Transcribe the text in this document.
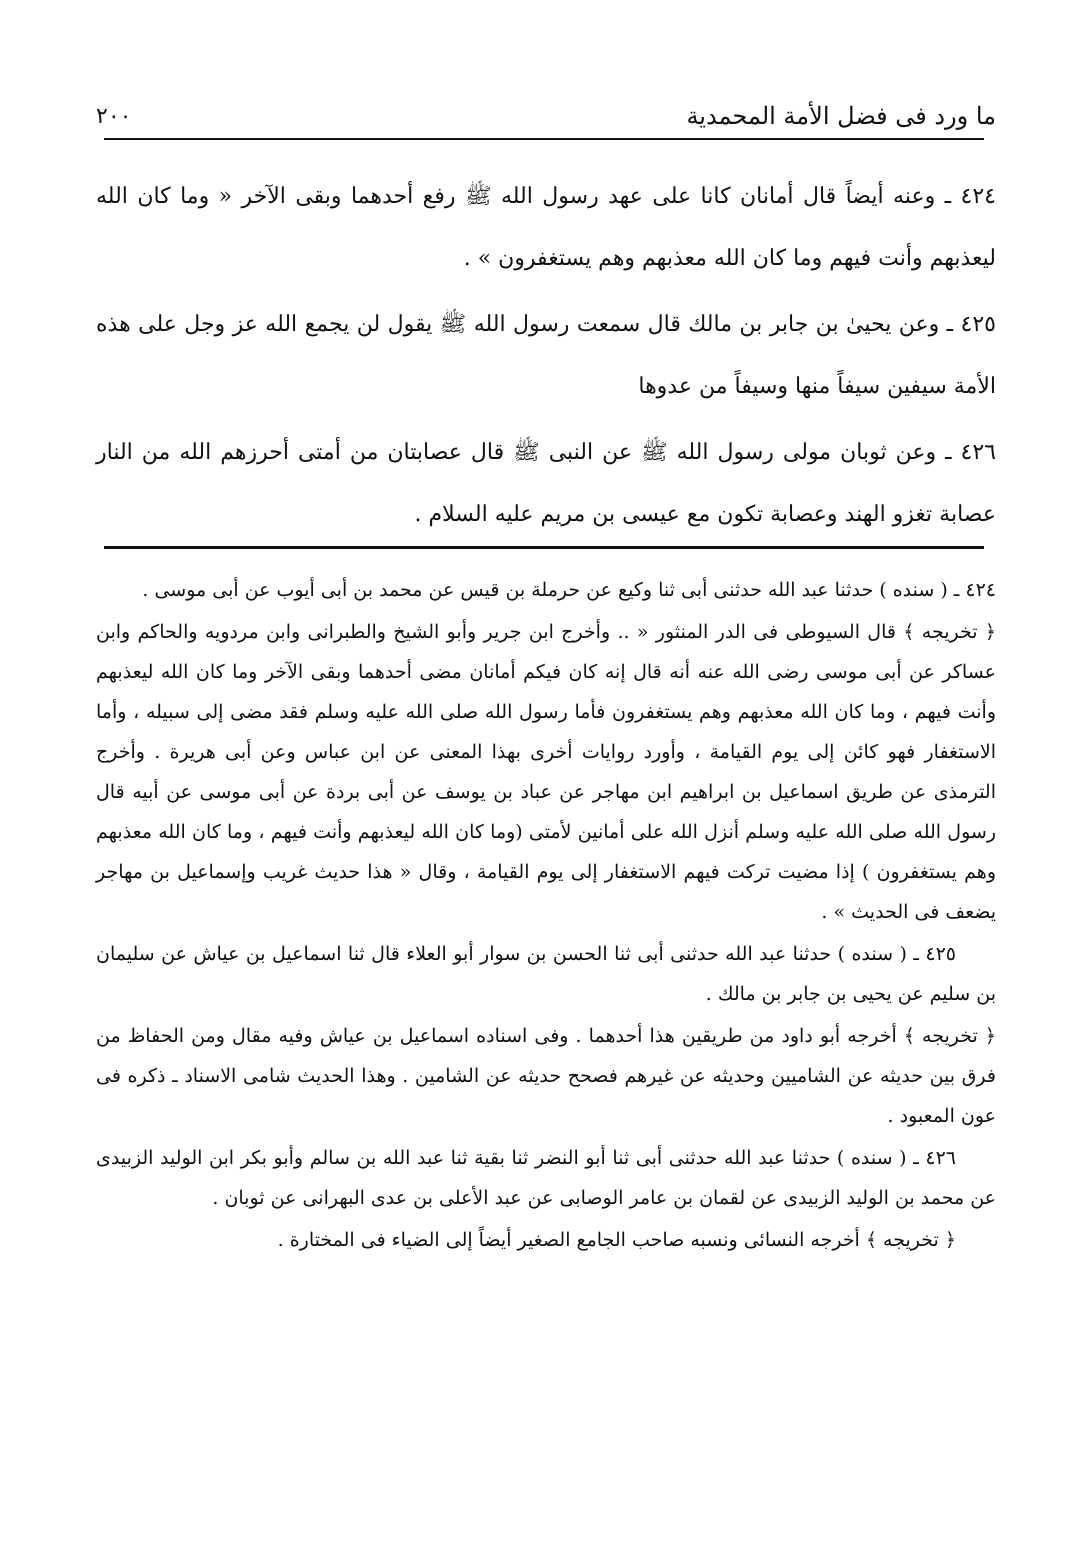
ما ورد فى فضل الأمة المحمدية
٢٠٠

٤٢٤ ـ وعنه أيضاً قال أمانان كانا على عهد رسول الله ﷺ رفع أحدهما وبقى الآخر « وما كان الله ليعذبهم وأنت فيهم وما كان الله معذبهم وهم يستغفرون » .

٤٢٥ ـ وعن يحيىٰ بن جابر بن مالك قال سمعت رسول الله ﷺ يقول لن يجمع الله عز وجل على هذه الأمة سيفين سيفاً منها وسيفاً من عدوها

٤٢٦ ـ وعن ثوبان مولى رسول الله ﷺ عن النبى ﷺ قال عصابتان من أمتى أحرزهم الله من النار عصابة تغزو الهند وعصابة تكون مع عيسى بن مريم عليه السلام .

٤٢٤ ـ ( سنده ) حدثنا عبد الله حدثنى أبى ثنا وكيع عن حرملة بن قيس عن محمد بن أبى أيوب عن أبى موسى .

﴿ تخريجه ﴾ قال السيوطى فى الدر المنثور « .. وأخرج ابن جرير وأبو الشيخ والطبرانى وابن مردويه والحاكم وابن عساكر عن أبى موسى رضى الله عنه أنه قال إنه كان فيكم أمانان مضى أحدهما وبقى الآخر وما كان الله ليعذبهم وأنت فيهم ، وما كان الله معذبهم وهم يستغفرون فأما رسول الله صلى الله عليه وسلم فقد مضى إلى سبيله ، وأما الاستغفار فهو كائن إلى يوم القيامة ، وأورد روايات أخرى بهذا المعنى عن ابن عباس وعن أبى هريرة . وأخرج الترمذى عن طريق اسماعيل بن ابراهيم ابن مهاجر عن عباد بن يوسف عن أبى بردة عن أبى موسى عن أبيه قال رسول الله صلى الله عليه وسلم أنزل الله على أمانين لأمتى (وما كان الله ليعذبهم وأنت فيهم ، وما كان الله معذبهم وهم يستغفرون ) إذا مضيت تركت فيهم الاستغفار إلى يوم القيامة ، وقال « هذا حديث غريب وإسماعيل بن مهاجر يضعف فى الحديث » .

٤٢٥ ـ ( سنده ) حدثنا عبد الله حدثنى أبى ثنا الحسن بن سوار أبو العلاء قال ثنا اسماعيل بن عياش عن سليمان بن سليم عن يحيى بن جابر بن مالك .

﴿ تخريجه ﴾ أخرجه أبو داود من طريقين هذا أحدهما . وفى اسناده اسماعيل بن عياش وفيه مقال ومن الحفاظ من فرق بين حديثه عن الشاميين وحديثه عن غيرهم فصحح حديثه عن الشامين . وهذا الحديث شامى الاسناد ـ ذكره فى عون المعبود .

٤٢٦ ـ ( سنده ) حدثنا عبد الله حدثنى أبى ثنا أبو النضر ثنا بقية ثنا عبد الله بن سالم وأبو بكر ابن الوليد الزبيدى عن محمد بن الوليد الزبيدى عن لقمان بن عامر الوصابى عن عبد الأعلى بن عدى البهرانى عن ثوبان .

﴿ تخريجه ﴾ أخرجه النسائى ونسبه صاحب الجامع الصغير أيضاً إلى الضياء فى المختارة .
